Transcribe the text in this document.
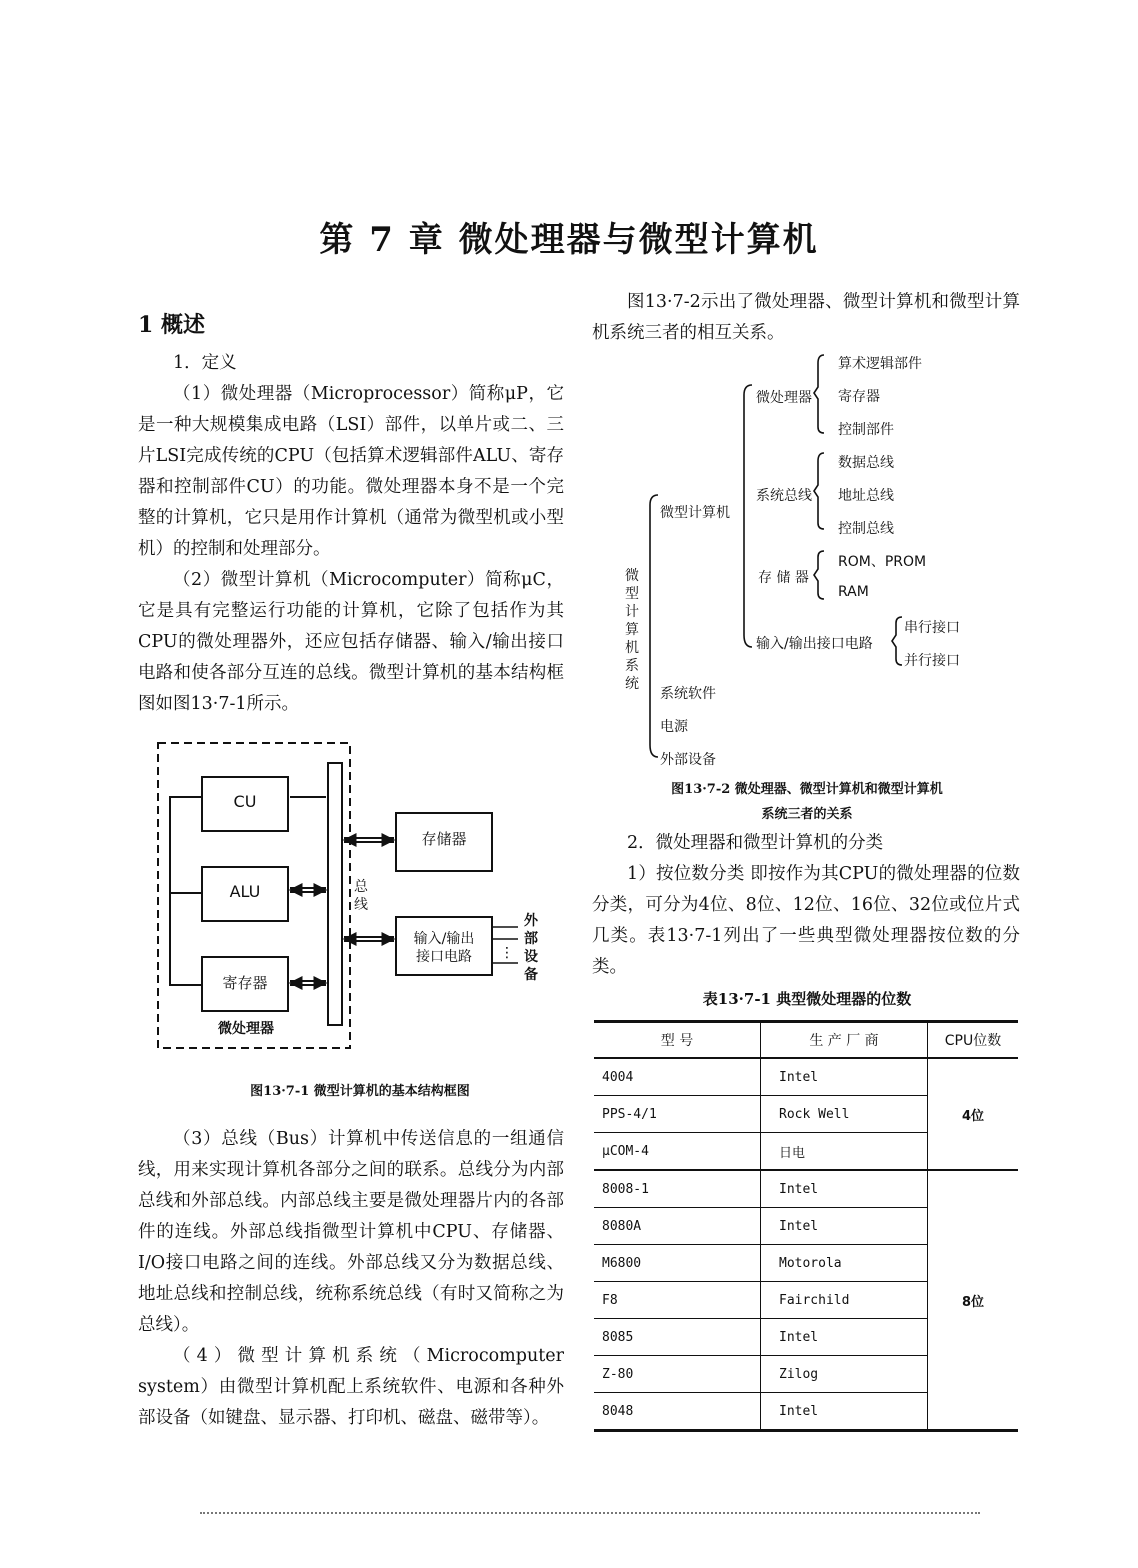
第 7 章 微处理器与微型计算机
1 概述

1．定义

（1）微处理器（Microprocessor）简称μP，它是一种大规模集成电路（LSI）部件，以单片或二、三片LSI完成传统的CPU（包括算术逻辑部件ALU、寄存器和控制部件CU）的功能。微处理器本身不是一个完整的计算机，它只是用作计算机（通常为微型机或小型机）的控制和处理部分。

（2）微型计算机（Microcomputer）简称μC，它是具有完整运行功能的计算机，它除了包括作为其CPU的微处理器外，还应包括存储器、输入/输出接口电路和使各部分互连的总线。微型计算机的基本结构框图如图13·7-1所示。

⋮
CU
ALU
寄存器
微处理器
总线
存储器
输入/输出
接口电路
外部设备
图13·7-1 微型计算机的基本结构框图

（3）总线（Bus）计算机中传送信息的一组通信线，用来实现计算机各部分之间的联系。总线分为内部总线和外部总线。内部总线主要是微处理器片内的各部件的连线。外部总线指微型计算机中CPU、存储器、I/O接口电路之间的连线。外部总线又分为数据总线、地址总线和控制总线，统称系统总线（有时又简称之为总线）。

（4）微型计算机系统（Microcomputer system）由微型计算机配上系统软件、电源和各种外部设备（如键盘、显示器、打印机、磁盘、磁带等）。

图13·7-2示出了微处理器、微型计算机和微型计算机系统三者的相互关系。

微型计算机系统
微型计算机
微处理器
算术逻辑部件
寄存器
控制部件
系统总线
数据总线
地址总线
控制总线
存 储 器
ROM、PROM
RAM
输入/输出接口电路
串行接口
并行接口
系统软件
电源
外部设备
图13·7-2 微处理器、微型计算机和微型计算机
系统三者的关系

2．微处理器和微型计算机的分类

1）按位数分类 即按作为其CPU的微处理器的位数分类，可分为4位、8位、12位、16位、32位或位片式几类。表13·7-1列出了一些典型微处理器按位数的分类。

表13·7-1 典型微处理器的位数
型 号	生 产 厂 商	CPU位数
4004	Intel	4位
PPS-4/1	Rock Well	
μCOM-4	日电	
8008-1	Intel	8位
8080A	Intel	
M6800	Motorola	
F8	Fairchild	
8085	Intel	
Z-80	Zilog	
8048	Intel	
